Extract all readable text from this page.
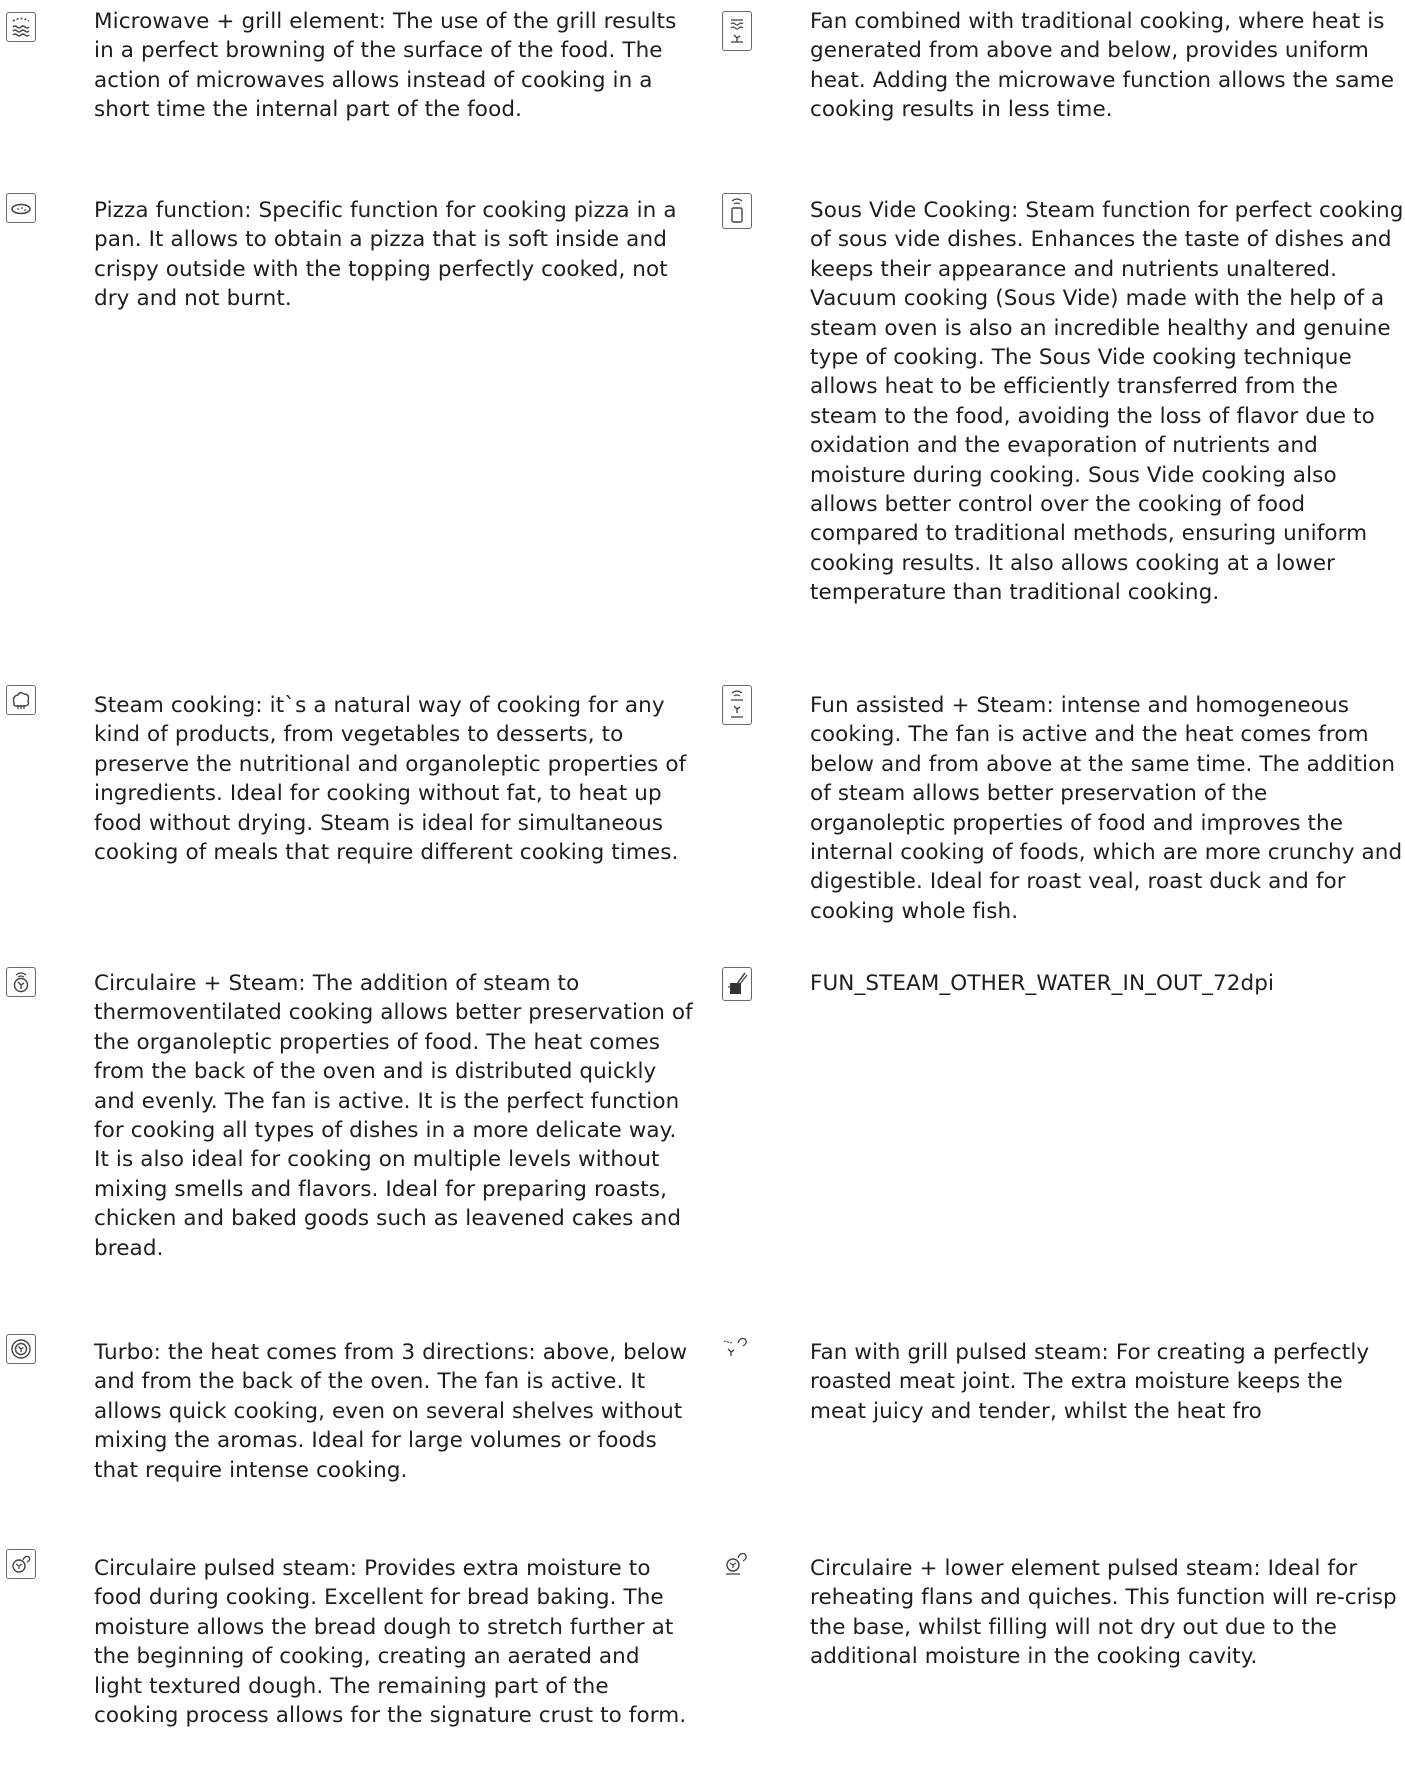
Microwave + grill element: The use of the grill results in a perfect browning of the surface of the food. The action of microwaves allows instead of cooking in a short time the internal part of the food.

Pizza function: Specific function for cooking pizza in a pan. It allows to obtain a pizza that is soft inside and crispy outside with the topping perfectly cooked, not dry and not burnt.

Steam cooking: it`s a natural way of cooking for any kind of products, from vegetables to desserts, to preserve the nutritional and organoleptic properties of ingredients. Ideal for cooking without fat, to heat up food without drying. Steam is ideal for simultaneous cooking of meals that require different cooking times.

Circulaire + Steam: The addition of steam to thermoventilated cooking allows better preservation of the organoleptic properties of food. The heat comes from the back of the oven and is distributed quickly and evenly. The fan is active. It is the perfect function for cooking all types of dishes in a more delicate way. It is also ideal for cooking on multiple levels without mixing smells and flavors. Ideal for preparing roasts, chicken and baked goods such as leavened cakes and bread.

Turbo: the heat comes from 3 directions: above, below and from the back of the oven. The fan is active. It allows quick cooking, even on several shelves without mixing the aromas. Ideal for large volumes or foods that require intense cooking.

Circulaire pulsed steam: Provides extra moisture to food during cooking. Excellent for bread baking. The moisture allows the bread dough to stretch further at the beginning of cooking, creating an aerated and light textured dough. The remaining part of the cooking process allows for the signature crust to form.

Fan combined with traditional cooking, where heat is generated from above and below, provides uniform heat. Adding the microwave function allows the same cooking results in less time.

Sous Vide Cooking: Steam function for perfect cooking of sous vide dishes. Enhances the taste of dishes and keeps their appearance and nutrients unaltered. Vacuum cooking (Sous Vide) made with the help of a steam oven is also an incredible healthy and genuine type of cooking. The Sous Vide cooking technique allows heat to be efficiently transferred from the steam to the food, avoiding the loss of flavor due to oxidation and the evaporation of nutrients and moisture during cooking. Sous Vide cooking also allows better control over the cooking of food compared to traditional methods, ensuring uniform cooking results. It also allows cooking at a lower temperature than traditional cooking.

Fun assisted + Steam: intense and homogeneous cooking. The fan is active and the heat comes from below and from above at the same time. The addition of steam allows better preservation of the organoleptic properties of food and improves the internal cooking of foods, which are more crunchy and digestible. Ideal for roast veal, roast duck and for cooking whole fish.

FUN_STEAM_OTHER_WATER_IN_OUT_72dpi

Fan with grill pulsed steam: For creating a perfectly roasted meat joint. The extra moisture keeps the meat juicy and tender, whilst the heat fro

Circulaire + lower element pulsed steam: Ideal for reheating flans and quiches. This function will re-crisp the base, whilst filling will not dry out due to the additional moisture in the cooking cavity.
